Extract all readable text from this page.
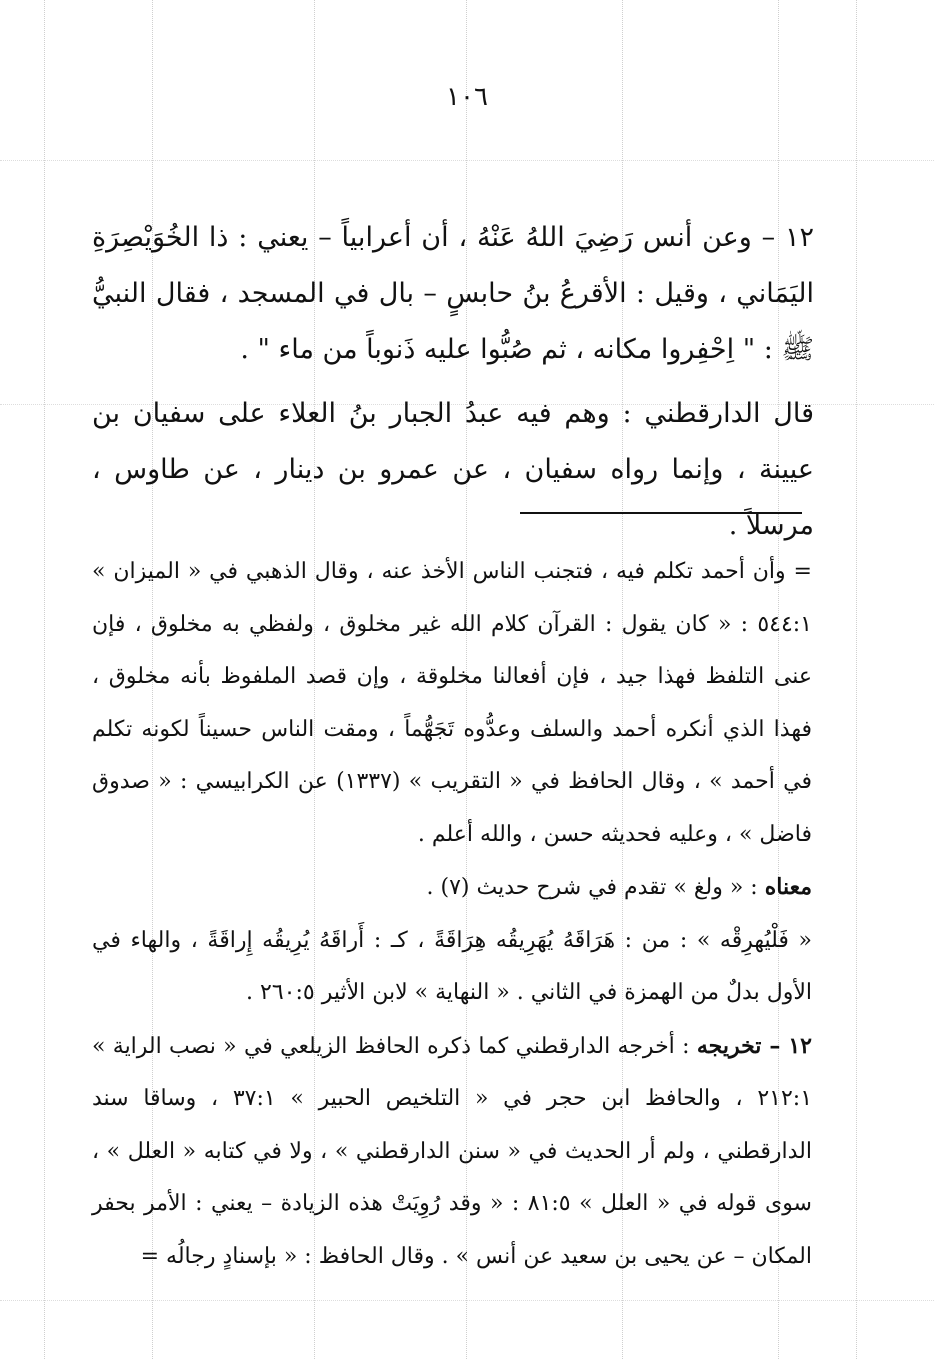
١٠٦

١٢ – وعن أنس رَضِيَ اللهُ عَنْهُ ، أن أعرابياً – يعني : ذا الخُوَيْصِرَةِ اليَمَاني ، وقيل : الأقرعُ بنُ حابسٍ – بال في المسجد ، فقال النبيُّ ﷺ : " اِحْفِروا مكانه ، ثم صُبُّوا عليه ذَنوباً من ماء " .

قال الدارقطني : وهم فيه عبدُ الجبار بنُ العلاء على سفيان بن عيينة ، وإنما رواه سفيان ، عن عمرو بن دينار ، عن طاوس ، مرسلاً .

= وأن أحمد تكلم فيه ، فتجنب الناس الأخذ عنه ، وقال الذهبي في « الميزان » ٥٤٤:١ : « كان يقول : القرآن كلام الله غير مخلوق ، ولفظي به مخلوق ، فإن عنى التلفظ فهذا جيد ، فإن أفعالنا مخلوقة ، وإن قصد الملفوظ بأنه مخلوق ، فهذا الذي أنكره أحمد والسلف وعدُّوه تَجَهُّماً ، ومقت الناس حسيناً لكونه تكلم في أحمد » ، وقال الحافظ في « التقريب » (١٣٣٧) عن الكرابيسي : « صدوق فاضل » ، وعليه فحديثه حسن ، والله أعلم .

معناه : « ولغ » تقدم في شرح حديث (٧) .

« فَلْيُهرِقْه » : من : هَرَاقَهُ يُهَرِيقُه هِرَاقَةً ، كـ : أَراقَهُ يُرِيقُه إِراقَةً ، والهاء في الأول بدلٌ من الهمزة في الثاني . « النهاية » لابن الأثير ٢٦٠:٥ .

١٢ – تخريجه : أخرجه الدارقطني كما ذكره الحافظ الزيلعي في « نصب الراية » ٢١٢:١ ، والحافظ ابن حجر في « التلخيص الحبير » ٣٧:١ ، وساقا سند الدارقطني ، ولم أر الحديث في « سنن الدارقطني » ، ولا في كتابه « العلل » ، سوى قوله في « العلل » ٨١:٥ : « وقد رُوِيَتْ هذه الزيادة – يعني : الأمر بحفر المكان – عن يحيى بن سعيد عن أنس » . وقال الحافظ : « بإسنادٍ رجالُه =
